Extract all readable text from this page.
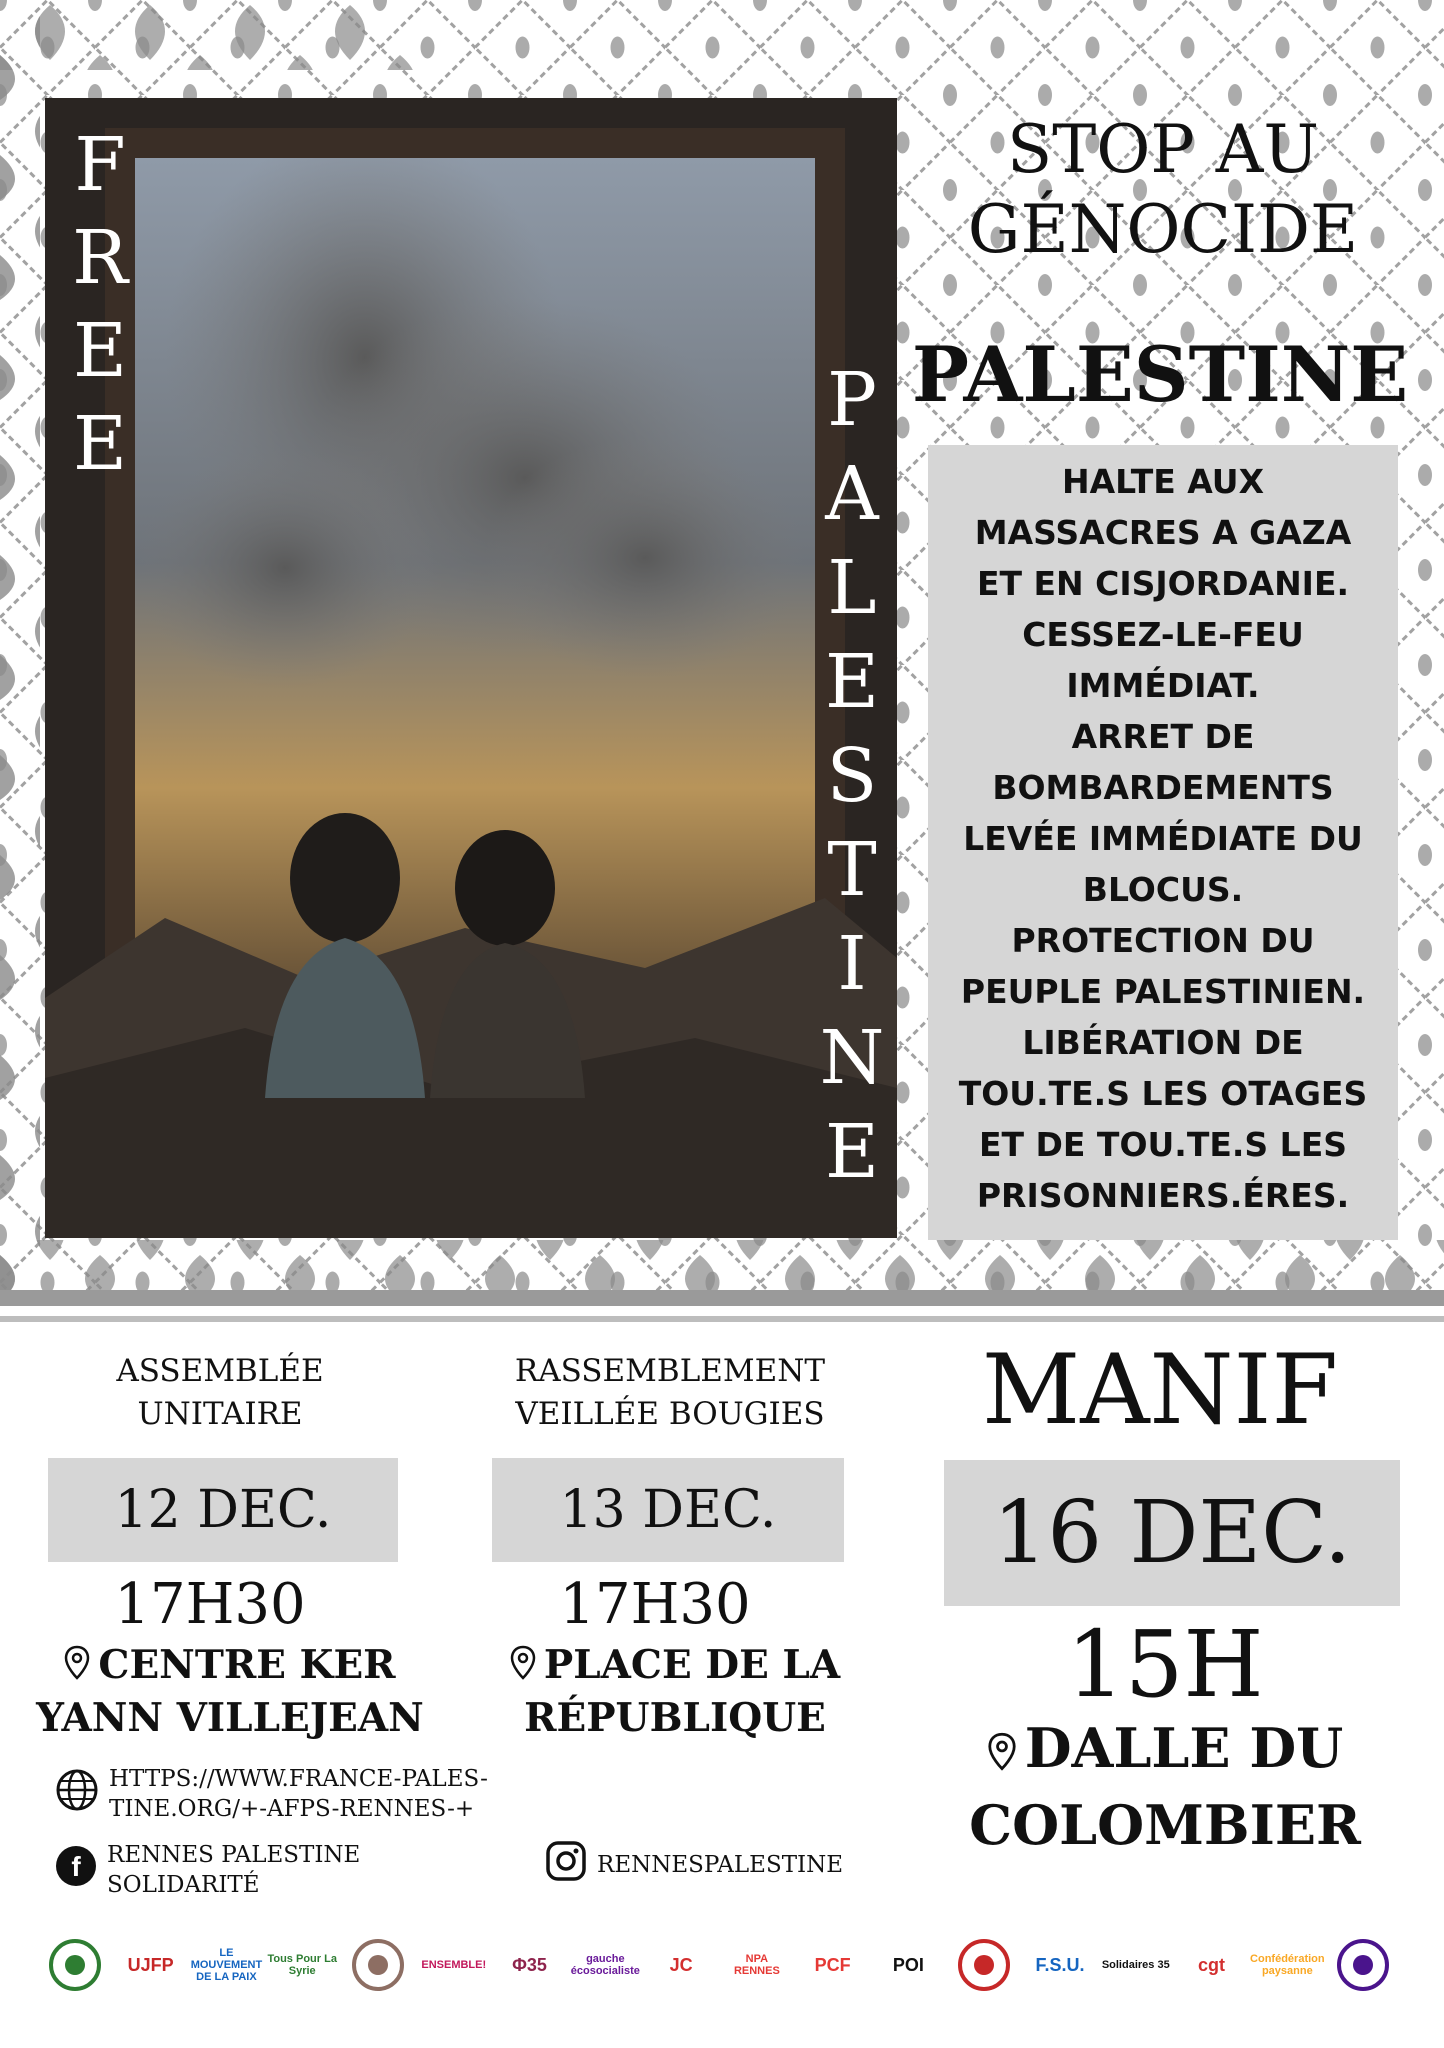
F
R
E
E
P
A
L
E
S
T
I
N
E
STOP AU
GÉNOCIDE
PALESTINE
HALTE AUX
MASSACRES A GAZA
ET EN CISJORDANIE.
CESSEZ-LE-FEU
IMMÉDIAT.
ARRET DE
BOMBARDEMENTS
LEVÉE IMMÉDIATE DU
BLOCUS.
PROTECTION DU
PEUPLE PALESTINIEN.
LIBÉRATION DE
TOU.TE.S LES OTAGES
ET DE TOU.TE.S LES
PRISONNIERS.ÉRES.
ASSEMBLÉE
UNITAIRE
12 DEC.
17H30
CENTRE KER
YANN VILLEJEAN
RASSEMBLEMENT
VEILLÉE BOUGIES
13 DEC.
17H30
PLACE DE LA
RÉPUBLIQUE
MANIF
16 DEC.
15H
DALLE DU
COLOMBIER
HTTPS://WWW.FRANCE-PALES-
TINE.ORG/+-AFPS-RENNES-+
f RENNES PALESTINE SOLIDARITÉ
RENNESPALESTINE
UJFP
LE MOUVEMENT DE LA PAIX
Tous Pour La Syrie	ENSEMBLE!	Φ35	gauche écosocialiste	JC	NPA RENNES	PCF	POI	F.S.U.	Solidaires 35	cgt	Confédération paysanne
